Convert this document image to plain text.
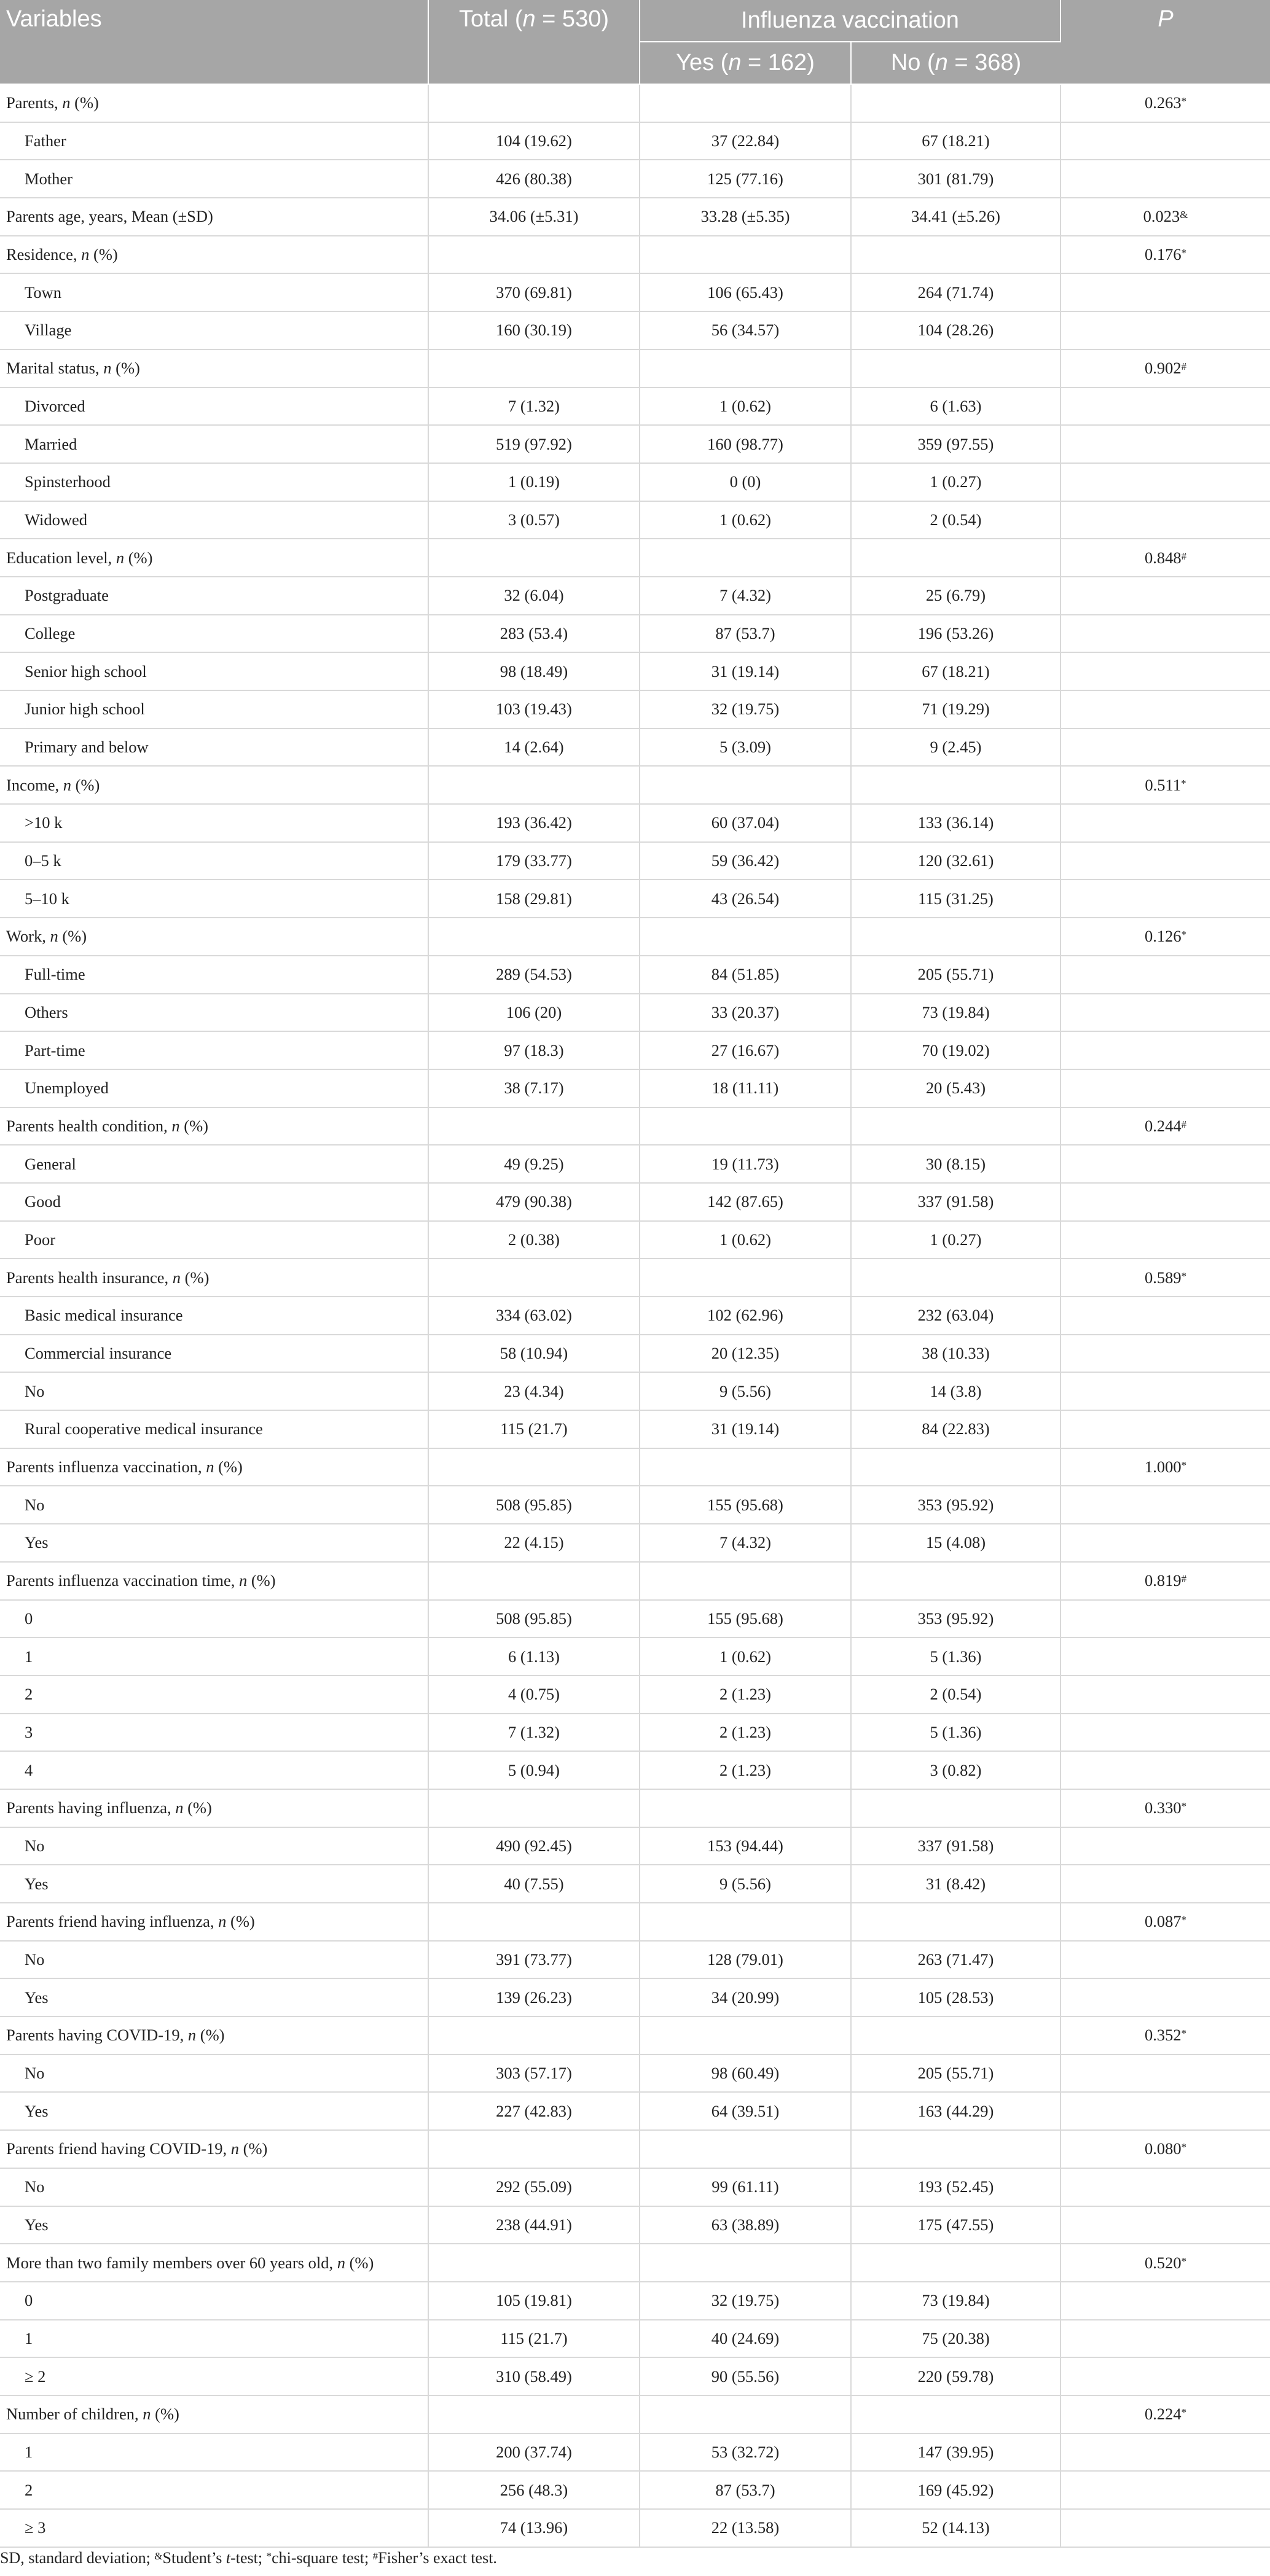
Variables	Total (n = 530)	Influenza vaccination		P
		Yes (n = 162)	No (n = 368)	
Parents, n (%)				0.263*
Father	104 (19.62)	37 (22.84)	67 (18.21)	
Mother	426 (80.38)	125 (77.16)	301 (81.79)	
Parents age, years, Mean (±SD)	34.06 (±5.31)	33.28 (±5.35)	34.41 (±5.26)	0.023&
Residence, n (%)				0.176*
Town	370 (69.81)	106 (65.43)	264 (71.74)	
Village	160 (30.19)	56 (34.57)	104 (28.26)	
Marital status, n (%)				0.902#
Divorced	7 (1.32)	1 (0.62)	6 (1.63)	
Married	519 (97.92)	160 (98.77)	359 (97.55)	
Spinsterhood	1 (0.19)	0 (0)	1 (0.27)	
Widowed	3 (0.57)	1 (0.62)	2 (0.54)	
Education level, n (%)				0.848#
Postgraduate	32 (6.04)	7 (4.32)	25 (6.79)	
College	283 (53.4)	87 (53.7)	196 (53.26)	
Senior high school	98 (18.49)	31 (19.14)	67 (18.21)	
Junior high school	103 (19.43)	32 (19.75)	71 (19.29)	
Primary and below	14 (2.64)	5 (3.09)	9 (2.45)	
Income, n (%)				0.511*
>10 k	193 (36.42)	60 (37.04)	133 (36.14)	
0–5 k	179 (33.77)	59 (36.42)	120 (32.61)	
5–10 k	158 (29.81)	43 (26.54)	115 (31.25)	
Work, n (%)				0.126*
Full-time	289 (54.53)	84 (51.85)	205 (55.71)	
Others	106 (20)	33 (20.37)	73 (19.84)	
Part-time	97 (18.3)	27 (16.67)	70 (19.02)	
Unemployed	38 (7.17)	18 (11.11)	20 (5.43)	
Parents health condition, n (%)				0.244#
General	49 (9.25)	19 (11.73)	30 (8.15)	
Good	479 (90.38)	142 (87.65)	337 (91.58)	
Poor	2 (0.38)	1 (0.62)	1 (0.27)	
Parents health insurance, n (%)				0.589*
Basic medical insurance	334 (63.02)	102 (62.96)	232 (63.04)	
Commercial insurance	58 (10.94)	20 (12.35)	38 (10.33)	
No	23 (4.34)	9 (5.56)	14 (3.8)	
Rural cooperative medical insurance	115 (21.7)	31 (19.14)	84 (22.83)	
Parents influenza vaccination, n (%)				1.000*
No	508 (95.85)	155 (95.68)	353 (95.92)	
Yes	22 (4.15)	7 (4.32)	15 (4.08)	
Parents influenza vaccination time, n (%)				0.819#
0	508 (95.85)	155 (95.68)	353 (95.92)	
1	6 (1.13)	1 (0.62)	5 (1.36)	
2	4 (0.75)	2 (1.23)	2 (0.54)	
3	7 (1.32)	2 (1.23)	5 (1.36)	
4	5 (0.94)	2 (1.23)	3 (0.82)	
Parents having influenza, n (%)				0.330*
No	490 (92.45)	153 (94.44)	337 (91.58)	
Yes	40 (7.55)	9 (5.56)	31 (8.42)	
Parents friend having influenza, n (%)				0.087*
No	391 (73.77)	128 (79.01)	263 (71.47)	
Yes	139 (26.23)	34 (20.99)	105 (28.53)	
Parents having COVID-19, n (%)				0.352*
No	303 (57.17)	98 (60.49)	205 (55.71)	
Yes	227 (42.83)	64 (39.51)	163 (44.29)	
Parents friend having COVID-19, n (%)				0.080*
No	292 (55.09)	99 (61.11)	193 (52.45)	
Yes	238 (44.91)	63 (38.89)	175 (47.55)	
More than two family members over 60 years old, n (%)				0.520*
0	105 (19.81)	32 (19.75)	73 (19.84)	
1	115 (21.7)	40 (24.69)	75 (20.38)	
≥ 2	310 (58.49)	90 (55.56)	220 (59.78)	
Number of children, n (%)				0.224*
1	200 (37.74)	53 (32.72)	147 (39.95)	
2	256 (48.3)	87 (53.7)	169 (45.92)	
≥ 3	74 (13.96)	22 (13.58)	52 (14.13)	
SD, standard deviation; &Student’s t-test; *chi-square test; #Fisher’s exact test.
